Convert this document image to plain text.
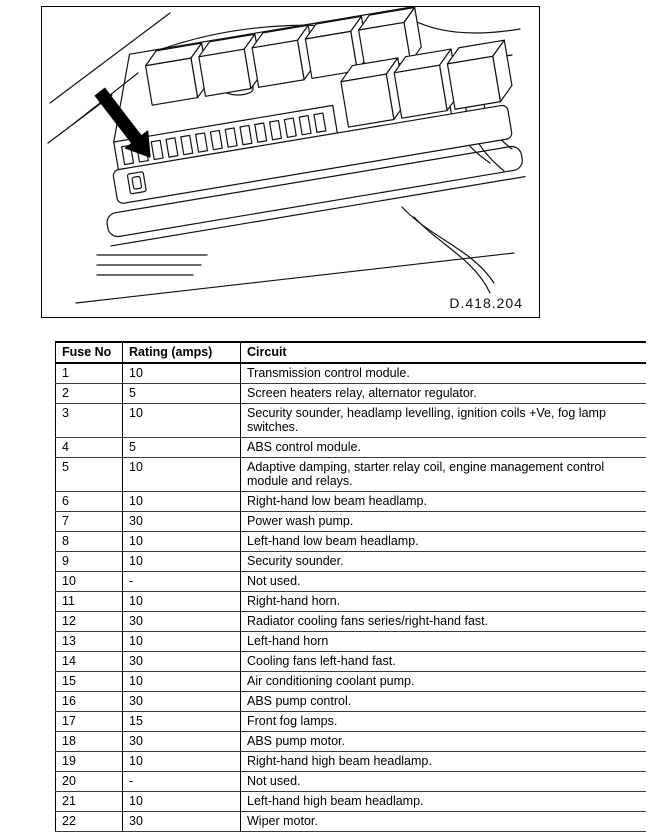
D.418.204
Fuse No	Rating (amps)	Circuit
1	10	Transmission control module.
2	5	Screen heaters relay, alternator regulator.
3	10	Security sounder, headlamp levelling, ignition coils +Ve, fog lamp switches.
4	5	ABS control module.
5	10	Adaptive damping, starter relay coil, engine management control module and relays.
6	10	Right-hand low beam headlamp.
7	30	Power wash pump.
8	10	Left-hand low beam headlamp.
9	10	Security sounder.
10	-	Not used.
11	10	Right-hand horn.
12	30	Radiator cooling fans series/right-hand fast.
13	10	Left-hand horn
14	30	Cooling fans left-hand fast.
15	10	Air conditioning coolant pump.
16	30	ABS pump control.
17	15	Front fog lamps.
18	30	ABS pump motor.
19	10	Right-hand high beam headlamp.
20	-	Not used.
21	10	Left-hand high beam headlamp.
22	30	Wiper motor.
